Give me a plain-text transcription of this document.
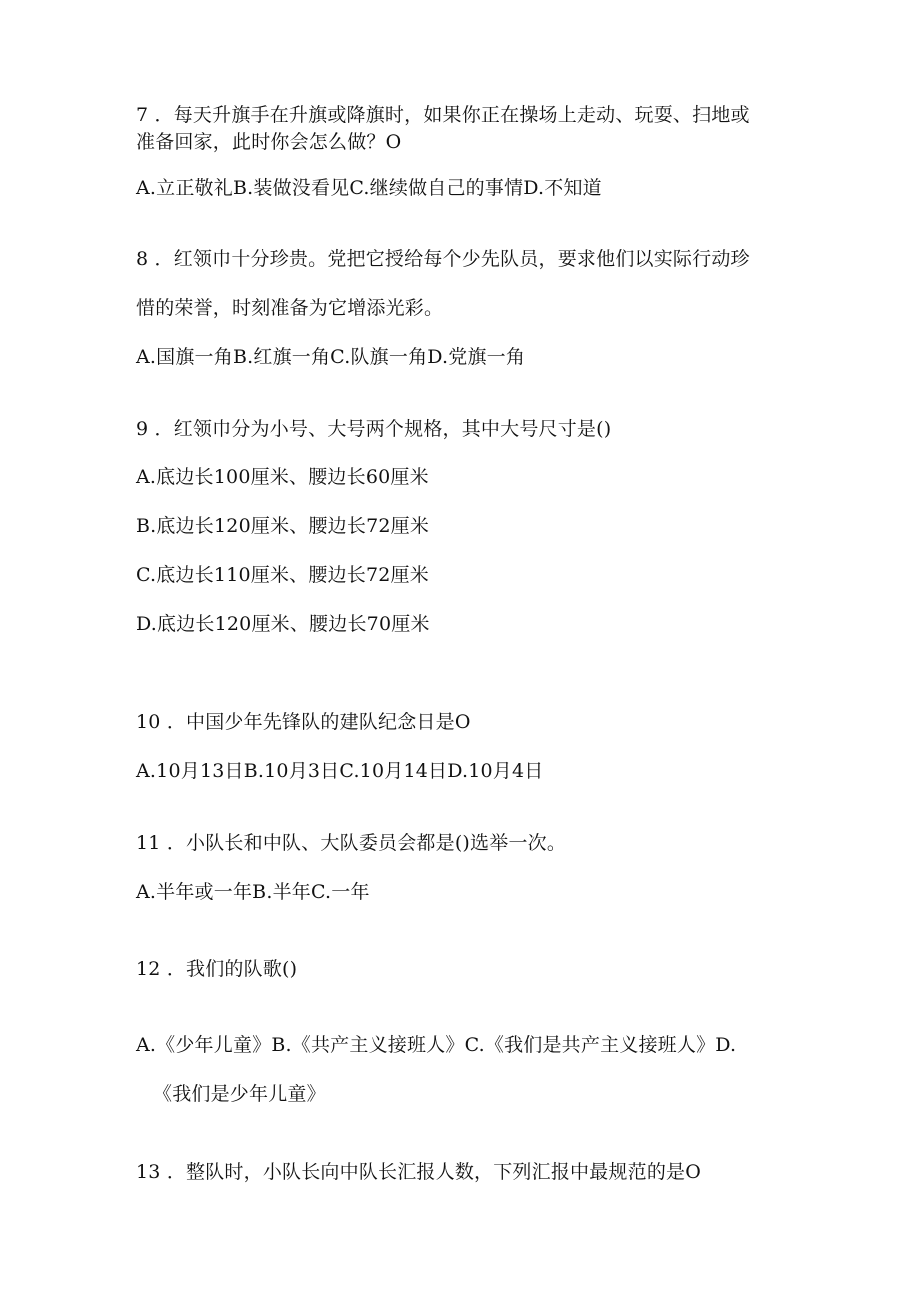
7 ．每天升旗手在升旗或降旗时，如果你正在操场上走动、玩耍、扫地或
准备回家，此时你会怎么做？O
A.立正敬礼B.装做没看见C.继续做自己的事情D.不知道
8 ．红领巾十分珍贵。党把它授给每个少先队员，要求他们以实际行动珍
惜的荣誉，时刻准备为它增添光彩。
A.国旗一角B.红旗一角C.队旗一角D.党旗一角
9 ．红领巾分为小号、大号两个规格，其中大号尺寸是()
A.底边长100厘米、腰边长60厘米
B.底边长120厘米、腰边长72厘米
C.底边长110厘米、腰边长72厘米
D.底边长120厘米、腰边长70厘米
10 ．中国少年先锋队的建队纪念日是O
A.10月13日B.10月3日C.10月14日D.10月4日
11 ．小队长和中队、大队委员会都是()选举一次。
A.半年或一年B.半年C.一年
12 ．我们的队歌()
A.《少年儿童》B.《共产主义接班人》C.《我们是共产主义接班人》D.
《我们是少年儿童》
13 ．整队时，小队长向中队长汇报人数，下列汇报中最规范的是O
